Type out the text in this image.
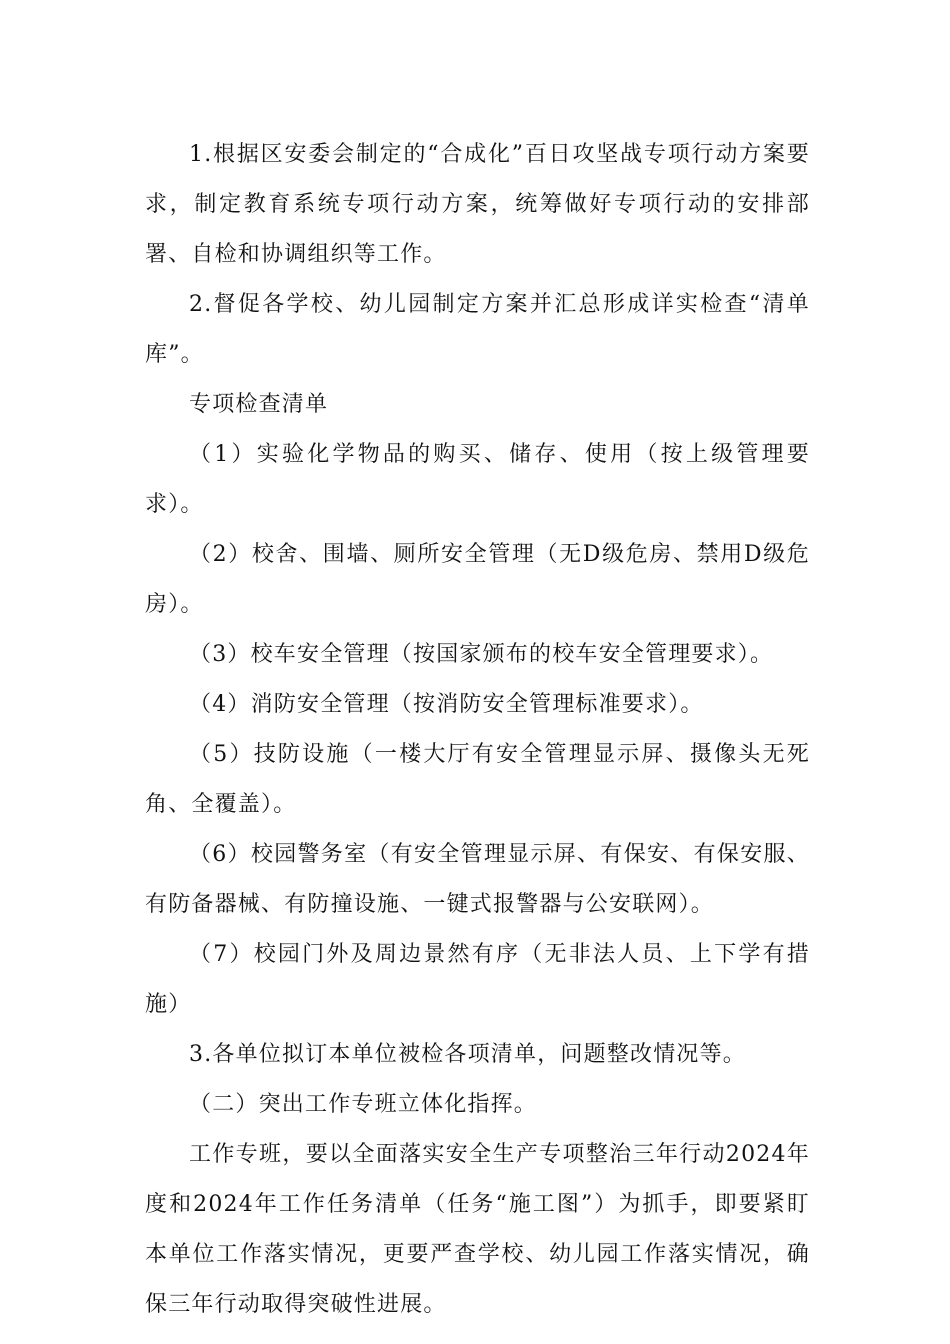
1.根据区安委会制定的“合成化”百日攻坚战专项行动方案要求，制定教育系统专项行动方案，统筹做好专项行动的安排部署、自检和协调组织等工作。

2.督促各学校、幼儿园制定方案并汇总形成详实检查“清单库”。

专项检查清单

（1）实验化学物品的购买、储存、使用（按上级管理要求）。

（2）校舍、围墙、厕所安全管理（无D级危房、禁用D级危房）。

（3）校车安全管理（按国家颁布的校车安全管理要求）。

（4）消防安全管理（按消防安全管理标准要求）。

（5）技防设施（一楼大厅有安全管理显示屏、摄像头无死角、全覆盖）。

（6）校园警务室（有安全管理显示屏、有保安、有保安服、有防备器械、有防撞设施、一键式报警器与公安联网）。

（7）校园门外及周边景然有序（无非法人员、上下学有措施）

3.各单位拟订本单位被检各项清单，问题整改情况等。

（二）突出工作专班立体化指挥。

工作专班，要以全面落实安全生产专项整治三年行动2024年度和2024年工作任务清单（任务“施工图”）为抓手，即要紧盯本单位工作落实情况，更要严查学校、幼儿园工作落实情况，确保三年行动取得突破性进展。
